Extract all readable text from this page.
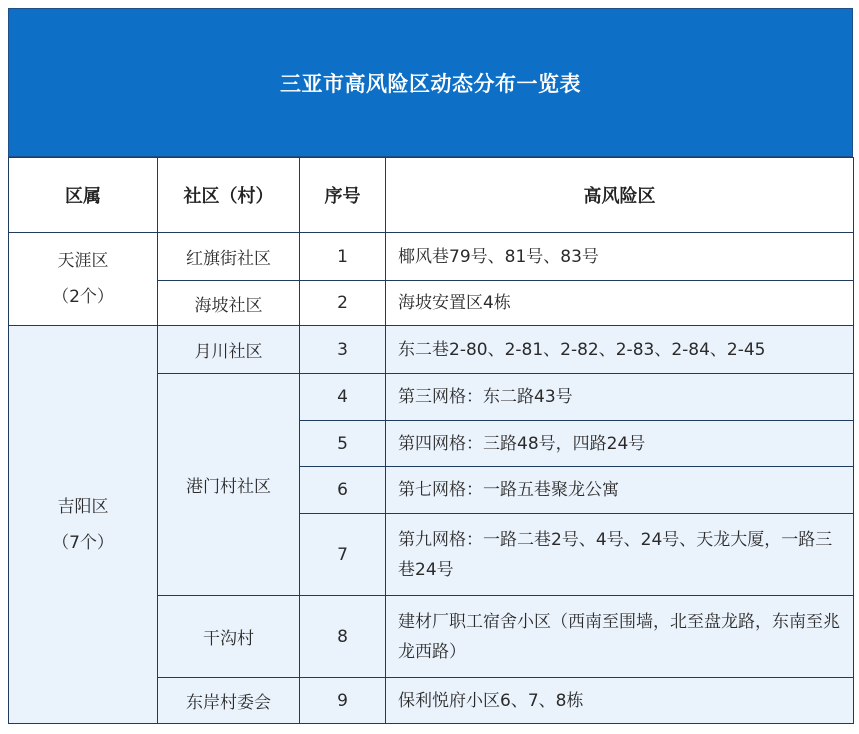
三亚市高风险区动态分布一览表
区属	社区（村）	序号	高风险区

天涯区
（2个）	红旗街社区	1	椰风巷79号、81号、83号
	海坡社区	2	海坡安置区4栋

吉阳区
（7个）	月川社区	3	东二巷2-80、2-81、2-82、2-83、2-84、2-45
	港门村社区	4	第三网格：东二路43号
		5	第四网格：三路48号，四路24号
		6	第七网格：一路五巷聚龙公寓
		7	第九网格：一路二巷2号、4号、24号、天龙大厦，一路三巷24号
	干沟村	8	建材厂职工宿舍小区（西南至围墙，北至盘龙路，东南至兆龙西路）
	东岸村委会	9	保利悦府小区6、7、8栋
